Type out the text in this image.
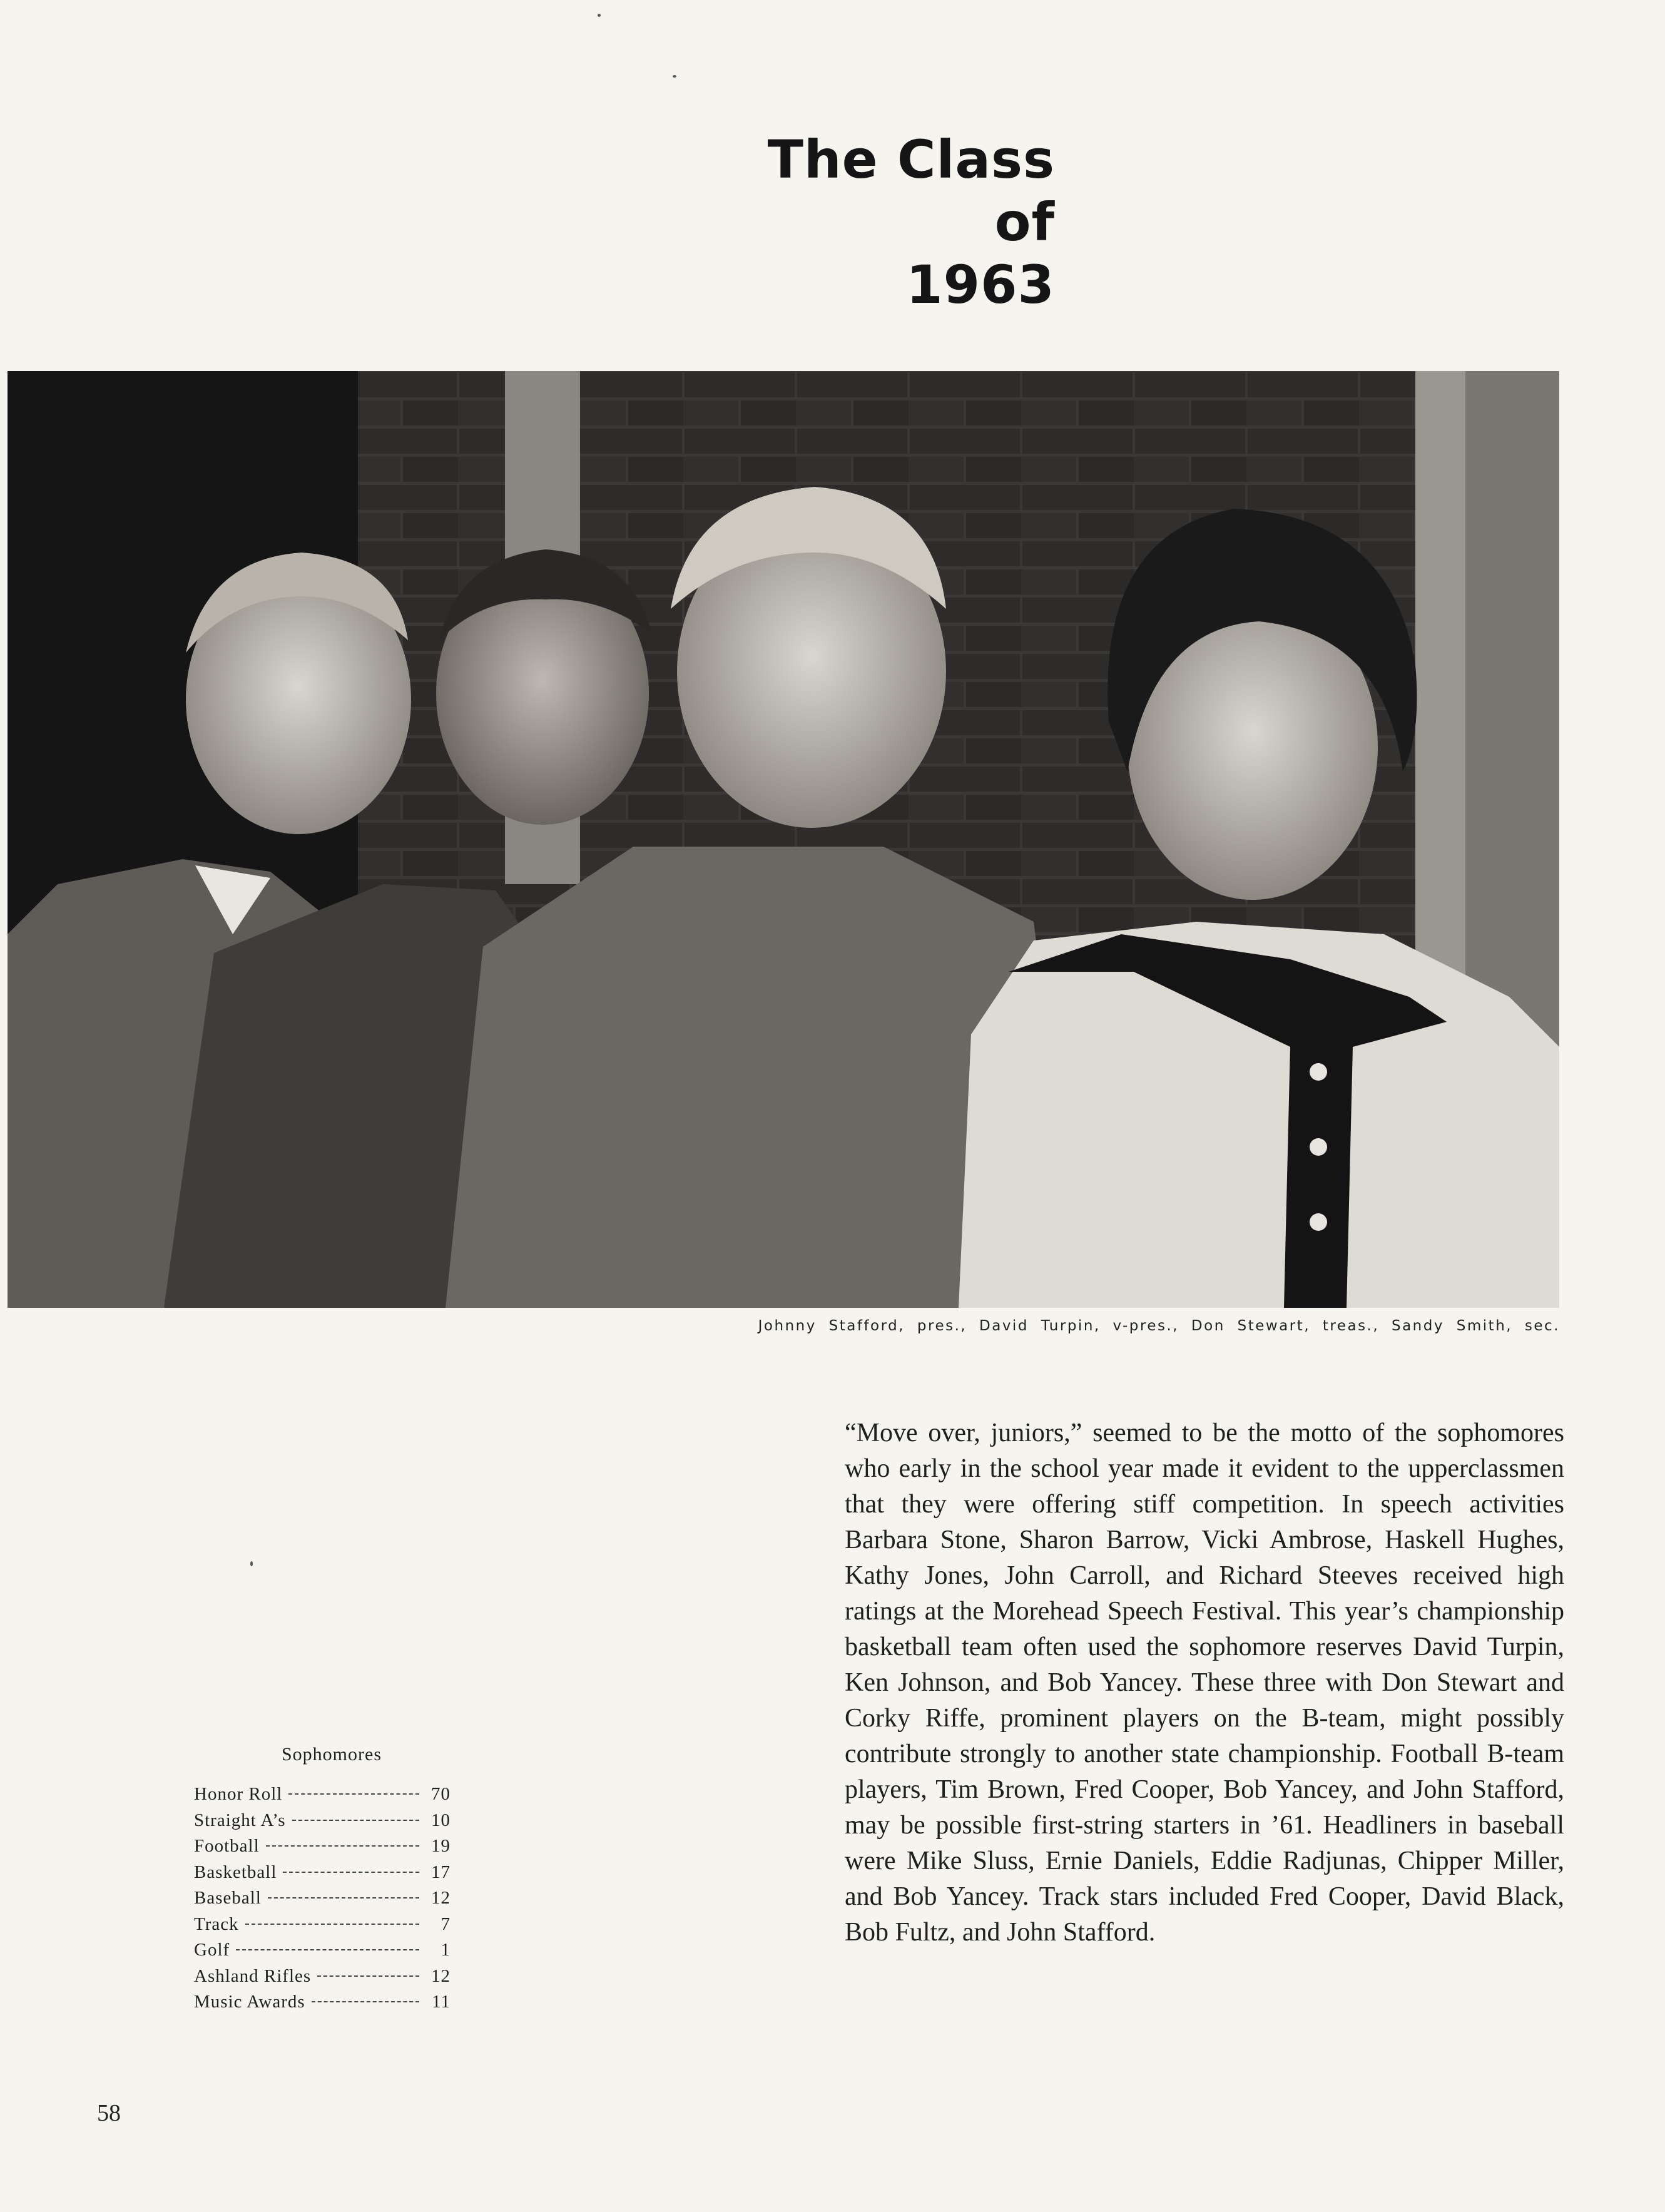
The Class
of
1963
Johnny Stafford, pres., David Turpin, v-pres., Don Stewart, treas., Sandy Smith, sec.
“Move over, juniors,” seemed to be the motto of the sophomores who early in the school year made it evident to the upperclassmen that they were offering stiff competition. In speech activities Barbara Stone, Sharon Barrow, Vicki Ambrose, Haskell Hughes, Kathy Jones, John Carroll, and Richard Steeves received high ratings at the Morehead Speech Festival. This year’s championship basketball team often used the sophomore reserves David Turpin, Ken Johnson, and Bob Yancey. These three with Don Stewart and Corky Riffe, prominent players on the B-team, might possibly contribute strongly to another state championship. Football B-team players, Tim Brown, Fred Cooper, Bob Yancey, and John Stafford, may be possible first-string starters in ’61. Headliners in baseball were Mike Sluss, Ernie Daniels, Eddie Radjunas, Chipper Miller, and Bob Yancey. Track stars included Fred Cooper, David Black, Bob Fultz, and John Stafford.
Sophomores
Honor Roll	70
Straight A’s	10
Football	19
Basketball	17
Baseball	12
Track	7
Golf	1
Ashland Rifles	12
Music Awards	11
58
